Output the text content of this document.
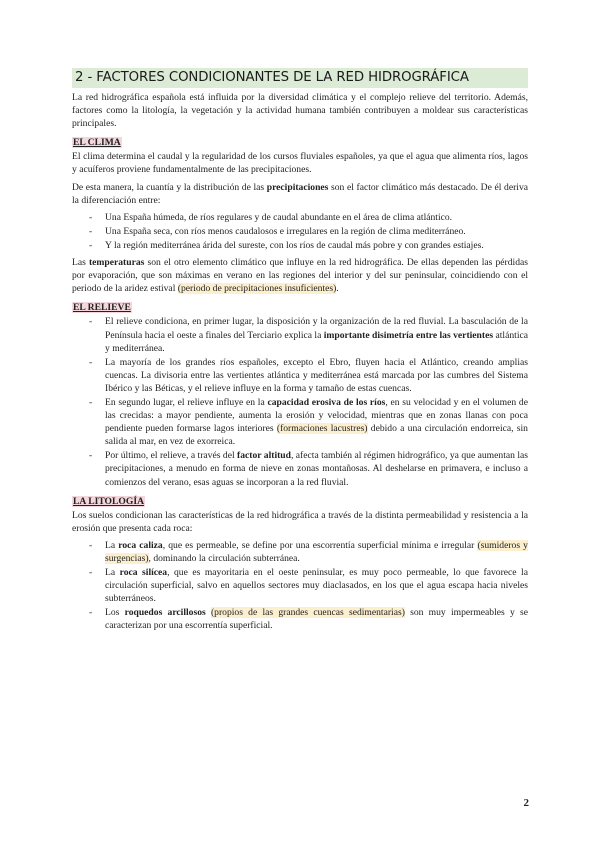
2 - FACTORES CONDICIONANTES DE LA RED HIDROGRÁFICA

La red hidrográfica española está influida por la diversidad climática y el complejo relieve del territorio. Además, factores como la litología, la vegetación y la actividad humana también contribuyen a moldear sus características principales.

EL CLIMA

El clima determina el caudal y la regularidad de los cursos fluviales españoles, ya que el agua que alimenta ríos, lagos y acuíferos proviene fundamentalmente de las precipitaciones.

De esta manera, la cuantía y la distribución de las precipitaciones son el factor climático más destacado. De él deriva la diferenciación entre:

- Una España húmeda, de ríos regulares y de caudal abundante en el área de clima atlántico.
- Una España seca, con ríos menos caudalosos e irregulares en la región de clima mediterráneo.
- Y la región mediterránea árida del sureste, con los ríos de caudal más pobre y con grandes estiajes.

Las temperaturas son el otro elemento climático que influye en la red hidrográfica. De ellas dependen las pérdidas por evaporación, que son máximas en verano en las regiones del interior y del sur peninsular, coincidiendo con el periodo de la aridez estival (periodo de precipitaciones insuficientes).

EL RELIEVE
- El relieve condiciona, en primer lugar, la disposición y la organización de la red fluvial. La basculación de la Península hacia el oeste a finales del Terciario explica la importante disimetría entre las vertientes atlántica y mediterránea.
- La mayoría de los grandes ríos españoles, excepto el Ebro, fluyen hacia el Atlántico, creando amplias cuencas. La divisoria entre las vertientes atlántica y mediterránea está marcada por las cumbres del Sistema Ibérico y las Béticas, y el relieve influye en la forma y tamaño de estas cuencas.
- En segundo lugar, el relieve influye en la capacidad erosiva de los ríos, en su velocidad y en el volumen de las crecidas: a mayor pendiente, aumenta la erosión y velocidad, mientras que en zonas llanas con poca pendiente pueden formarse lagos interiores (formaciones lacustres) debido a una circulación endorreica, sin salida al mar, en vez de exorreica.
- Por último, el relieve, a través del factor altitud, afecta también al régimen hidrográfico, ya que aumentan las precipitaciones, a menudo en forma de nieve en zonas montañosas. Al deshelarse en primavera, e incluso a comienzos del verano, esas aguas se incorporan a la red fluvial.
LA LITOLOGÍA

Los suelos condicionan las características de la red hidrográfica a través de la distinta permeabilidad y resistencia a la erosión que presenta cada roca:

- La roca caliza, que es permeable, se define por una escorrentía superficial mínima e irregular (sumideros y surgencias), dominando la circulación subterránea.
- La roca silícea, que es mayoritaria en el oeste peninsular, es muy poco permeable, lo que favorece la circulación superficial, salvo en aquellos sectores muy diaclasados, en los que el agua escapa hacia niveles subterráneos.
- Los roquedos arcillosos (propios de las grandes cuencas sedimentarias) son muy impermeables y se caracterizan por una escorrentía superficial.
2
